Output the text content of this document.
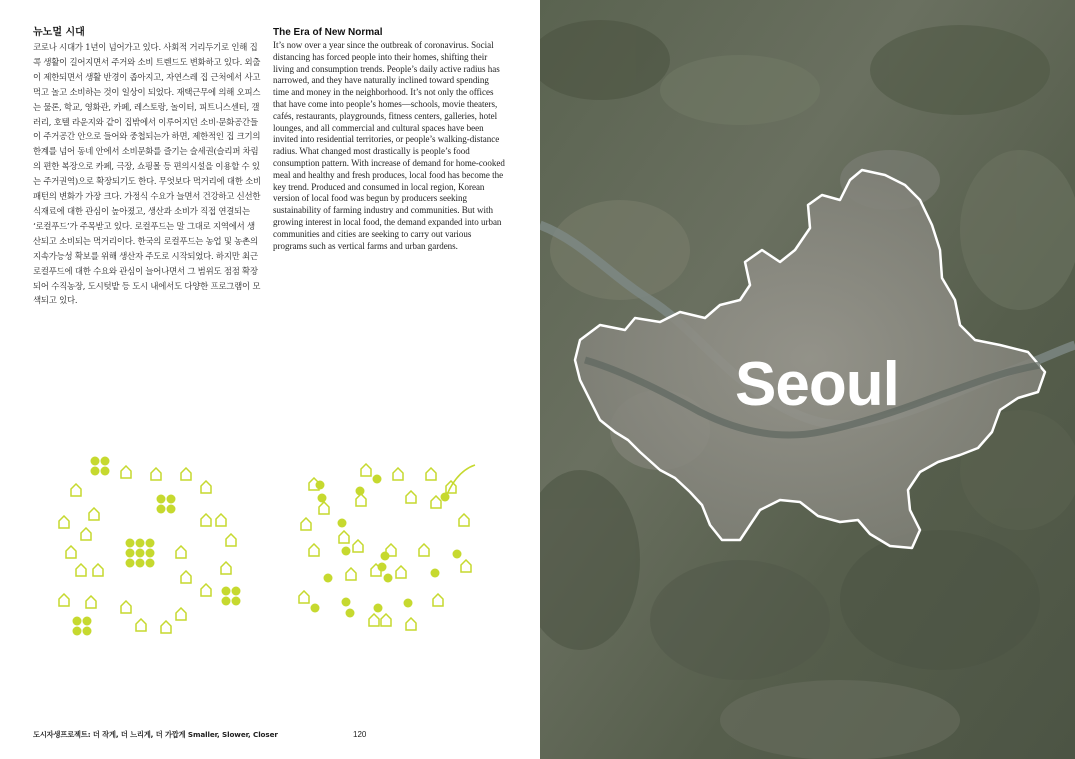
뉴노멀 시대

코로나 시대가 1년이 넘어가고 있다. 사회적 거리두기로 인해 집콕 생활이 길어지면서 주거와 소비 트렌드도 변화하고 있다. 외출이 제한되면서 생활 반경이 좁아지고, 자연스레 집 근처에서 사고 먹고 놀고 소비하는 것이 일상이 되었다. 재택근무에 의해 오피스는 물론, 학교, 영화관, 카페, 레스토랑, 놀이터, 피트니스센터, 갤러리, 호텔 라운지와 같이 집밖에서 이루어지던 소비·문화공간들이 주거공간 안으로 들어와 중첩되는가 하면, 제한적인 집 크기의 한계를 넘어 동네 안에서 소비문화를 즐기는 슬세권(슬리퍼 차림의 편한 복장으로 카페, 극장, 쇼핑몰 등 편의시설을 이용할 수 있는 주거권역)으로 확장되기도 한다. 무엇보다 먹거리에 대한 소비패턴의 변화가 가장 크다. 가정식 수요가 늘면서 건강하고 신선한 식재료에 대한 관심이 높아졌고, 생산과 소비가 직접 연결되는 ‘로컬푸드’가 주목받고 있다. 로컬푸드는 말 그대로 지역에서 생산되고 소비되는 먹거리이다. 한국의 로컬푸드는 농업 및 농촌의 지속가능성 확보를 위해 생산자 주도로 시작되었다. 하지만 최근 로컬푸드에 대한 수요와 관심이 늘어나면서 그 범위도 점점 확장되어 수직농장, 도시텃밭 등 도시 내에서도 다양한 프로그램이 모색되고 있다.

The Era of New Normal

It’s now over a year since the outbreak of coronavirus. Social distancing has forced people into their homes, shifting their living and consumption trends. People’s daily active radius has narrowed, and they have naturally inclined toward spending time and money in the neighborhood. It’s not only the offices that have come into people’s homes—schools, movie theaters, cafés, restaurants, playgrounds, fitness centers, galleries, hotel lounges, and all commercial and cultural spaces have been invited into residential territories, or people’s walking-distance radius. What changed most drastically is people’s food consumption pattern. With increase of demand for home-cooked meal and healthy and fresh produces, local food has become the key trend. Produced and consumed in local region, Korean version of local food was begun by producers seeking sustainability of farming industry and communities. But with growing interest in local food, the demand expanded into urban communities and cities are seeking to carry out various programs such as vertical farms and urban gardens.

도시자생프로젝트: 더 작게, 더 느리게, 더 가깝게 Smaller, Slower, Closer	120
Seoul
